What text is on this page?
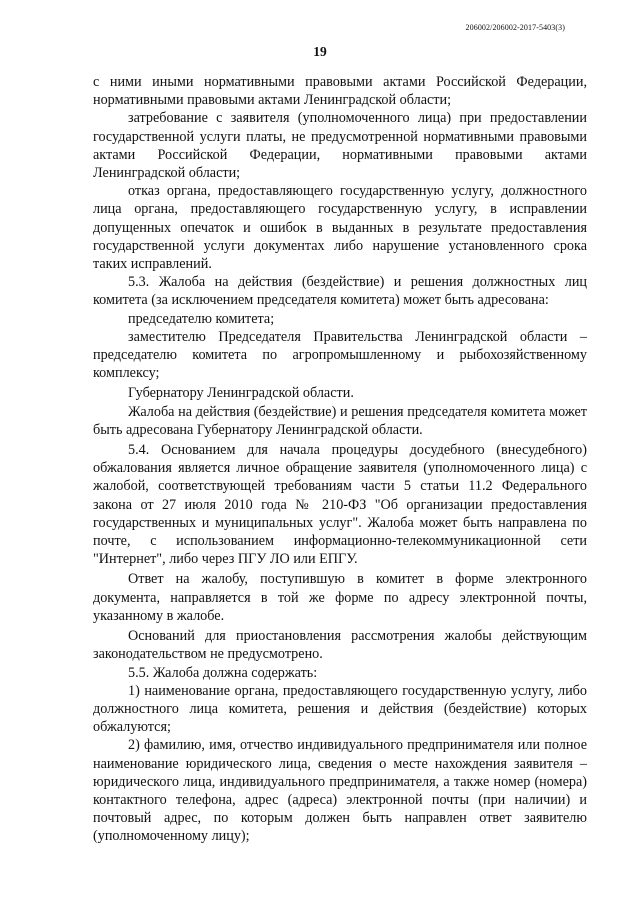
206002/206002-2017-5403(3)
19

с ними иными нормативными правовыми актами Российской Федерации, нормативными правовыми актами Ленинградской области;

затребование с заявителя (уполномоченного лица) при предоставлении государственной услуги платы, не предусмотренной нормативными правовыми актами Российской Федерации, нормативными правовыми актами Ленинградской области;

отказ органа, предоставляющего государственную услугу, должностного лица органа, предоставляющего государственную услугу, в исправлении допущенных опечаток и ошибок в выданных в результате предоставления государственной услуги документах либо нарушение установленного срока таких исправлений.

5.3. Жалоба на действия (бездействие) и решения должностных лиц комитета (за исключением председателя комитета) может быть адресована:

председателю комитета;

заместителю Председателя Правительства Ленинградской области – председателю комитета по агропромышленному и рыбохозяйственному комплексу;

Губернатору Ленинградской области.

Жалоба на действия (бездействие) и решения председателя комитета может быть адресована Губернатору Ленинградской области.

5.4. Основанием для начала процедуры досудебного (внесудебного) обжалования является личное обращение заявителя (уполномоченного лица) с жалобой, соответствующей требованиям части 5 статьи 11.2 Федерального закона от 27 июля 2010 года № 210-ФЗ "Об организации предоставления государственных и муниципальных услуг". Жалоба может быть направлена по почте, с использованием информационно-телекоммуникационной сети "Интернет", либо через ПГУ ЛО или ЕПГУ.

Ответ на жалобу, поступившую в комитет в форме электронного документа, направляется в той же форме по адресу электронной почты, указанному в жалобе.

Оснований для приостановления рассмотрения жалобы действующим законодательством не предусмотрено.

5.5. Жалоба должна содержать:

1) наименование органа, предоставляющего государственную услугу, либо должностного лица комитета, решения и действия (бездействие) которых обжалуются;

2) фамилию, имя, отчество индивидуального предпринимателя или полное наименование юридического лица, сведения о месте нахождения заявителя – юридического лица, индивидуального предпринимателя, а также номер (номера) контактного телефона, адрес (адреса) электронной почты (при наличии) и почтовый адрес, по которым должен быть направлен ответ заявителю (уполномоченному лицу);
